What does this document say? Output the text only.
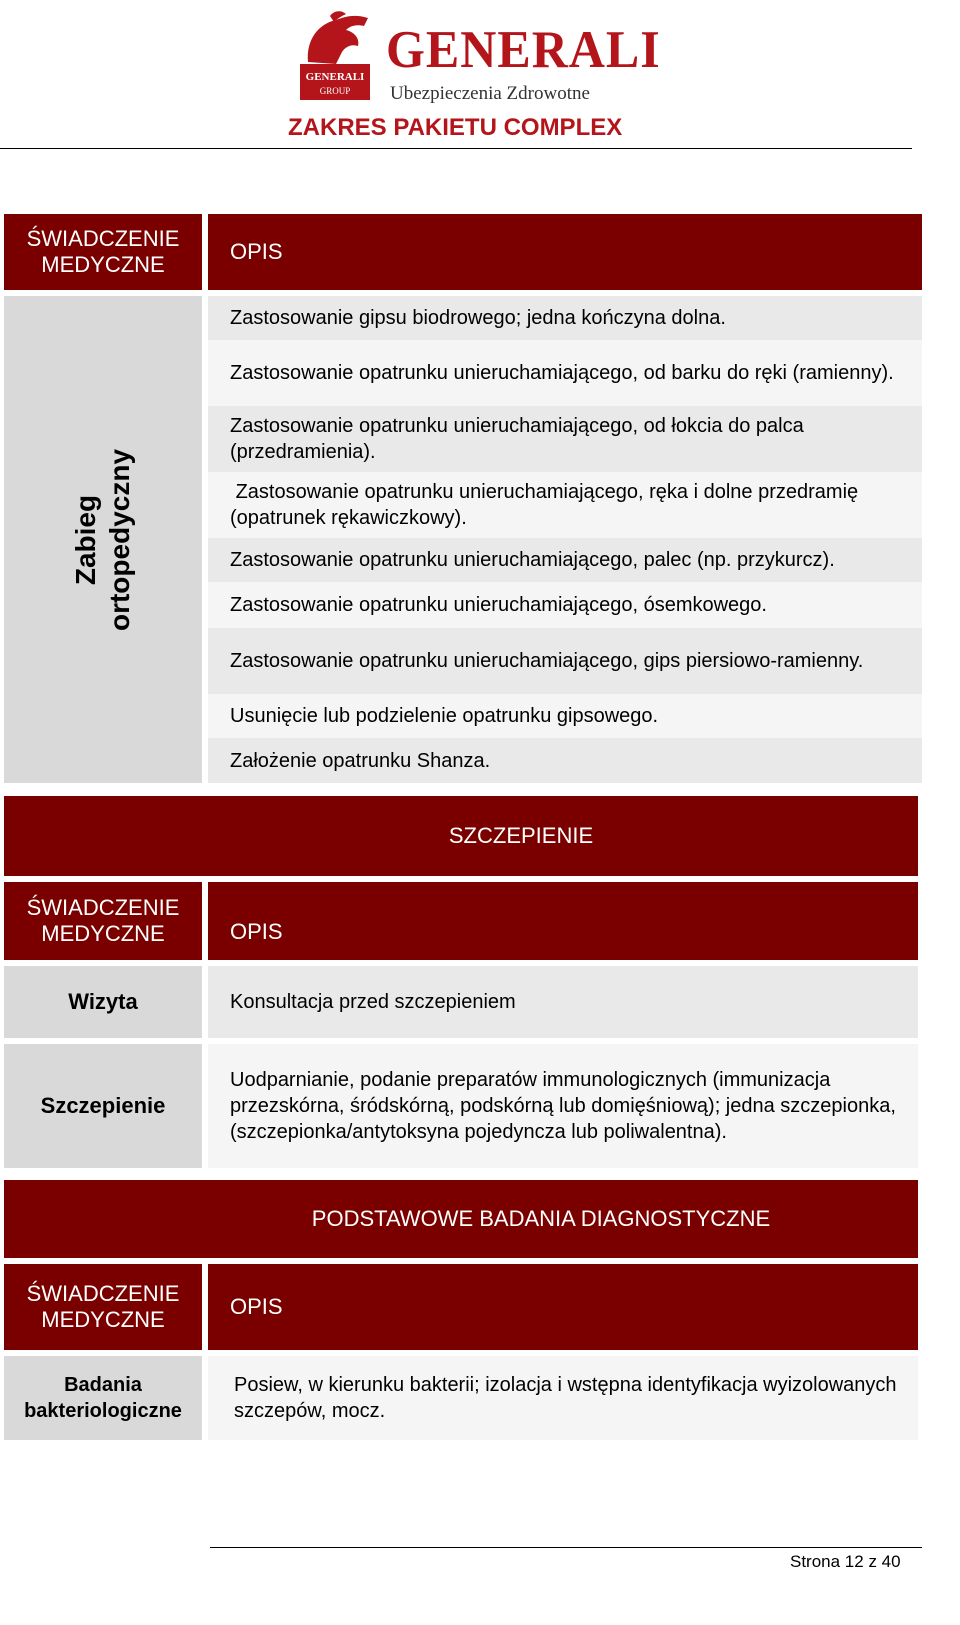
GENERALI
GROUP
GENERALI
Ubezpieczenia Zdrowotne
ZAKRES PAKIETU COMPLEX
ŚWIADCZENIE MEDYCZNE
OPIS
Zabieg ortopedyczny
Zastosowanie gipsu biodrowego; jedna kończyna dolna.
Zastosowanie opatrunku unieruchamiającego, od barku do ręki (ramienny).
Zastosowanie opatrunku unieruchamiającego, od łokcia do palca (przedramienia).
Zastosowanie opatrunku unieruchamiającego, ręka i dolne przedramię (opatrunek rękawiczkowy).
Zastosowanie opatrunku unieruchamiającego, palec (np. przykurcz).
Zastosowanie opatrunku unieruchamiającego, ósemkowego.
Zastosowanie opatrunku unieruchamiającego, gips piersiowo-ramienny.
Usunięcie lub podzielenie opatrunku gipsowego.
Założenie opatrunku Shanza.
SZCZEPIENIE
ŚWIADCZENIE MEDYCZNE	OPIS
Wizyta	Konsultacja przed szczepieniem
Szczepienie
Uodparnianie, podanie preparatów immunologicznych (immunizacja przezskórna, śródskórną, podskórną lub domięśniową); jedna szczepionka, (szczepionka/antytoksyna pojedyncza lub poliwalentna).
PODSTAWOWE BADANIA DIAGNOSTYCZNE
ŚWIADCZENIE MEDYCZNE
OPIS
Badania bakteriologiczne
Posiew, w kierunku bakterii; izolacja i wstępna identyfikacja wyizolowanych szczepów, mocz.
Strona 12 z 40
